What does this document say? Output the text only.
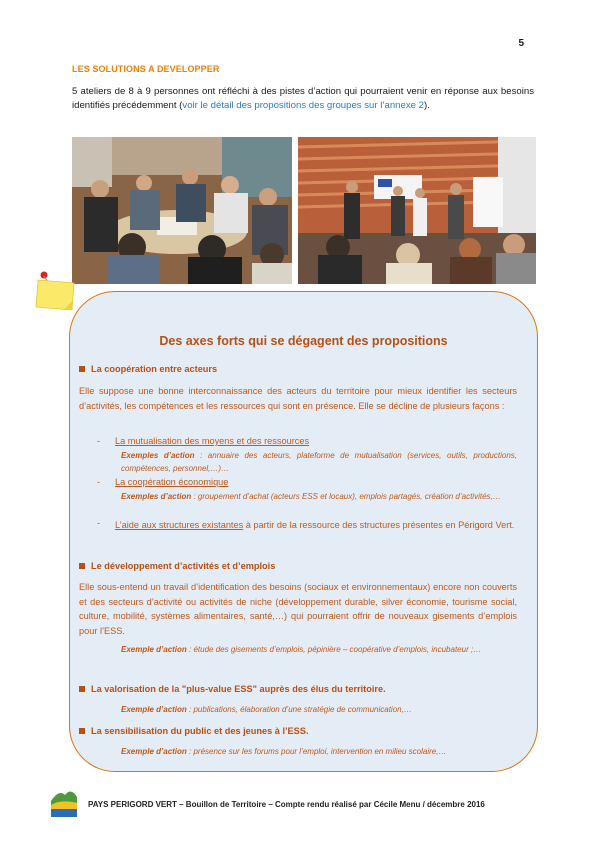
5
LES SOLUTIONS A DEVELOPPER
5 ateliers de 8 à 9 personnes ont réfléchi à des pistes d’action qui pourraient venir en réponse aux besoins identifiés précédemment (voir le détail des propositions des groupes sur l’annexe 2).
Des axes forts qui se dégagent des propositions
La coopération entre acteurs
Elle suppose une bonne interconnaissance des acteurs du territoire pour mieux identifier les secteurs d’activités, les compétences et les ressources qui sont en présence. Elle se décline de plusieurs façons :
-	La mutualisation des moyens et des ressources
Exemples d’action : annuaire des acteurs, plateforme de mutualisation (services, outils, productions, compétences, personnel,…)…
-	La coopération économique
Exemples d’action : groupement d’achat (acteurs ESS et locaux), emplois partagés, création d’activités,…
-	L’aide aux structures existantes à partir de la ressource des structures présentes en Périgord Vert.
Le développement d’activités et d’emplois
Elle sous-entend un travail d’identification des besoins (sociaux et environnementaux) encore non couverts et des secteurs d’activité ou activités de niche (développement durable, silver économie, tourisme social, culture, mobilité, systèmes alimentaires, santé,…) qui pourraient offrir de nouveaux gisements d’emplois pour l’ESS.
Exemple d’action : étude des gisements d’emplois, pépinière – coopérative d’emplois, incubateur ;…
La valorisation de la "plus-value ESS" auprès des élus du territoire.
Exemple d’action : publications, élaboration d’une stratégie de communication,…
La sensibilisation du public et des jeunes à l’ESS.
Exemple d’action : présence sur les forums pour l’emploi, intervention en milieu scolaire,…
PAYS PERIGORD VERT – Bouillon de Territoire – Compte rendu réalisé par Cécile Menu / décembre 2016
